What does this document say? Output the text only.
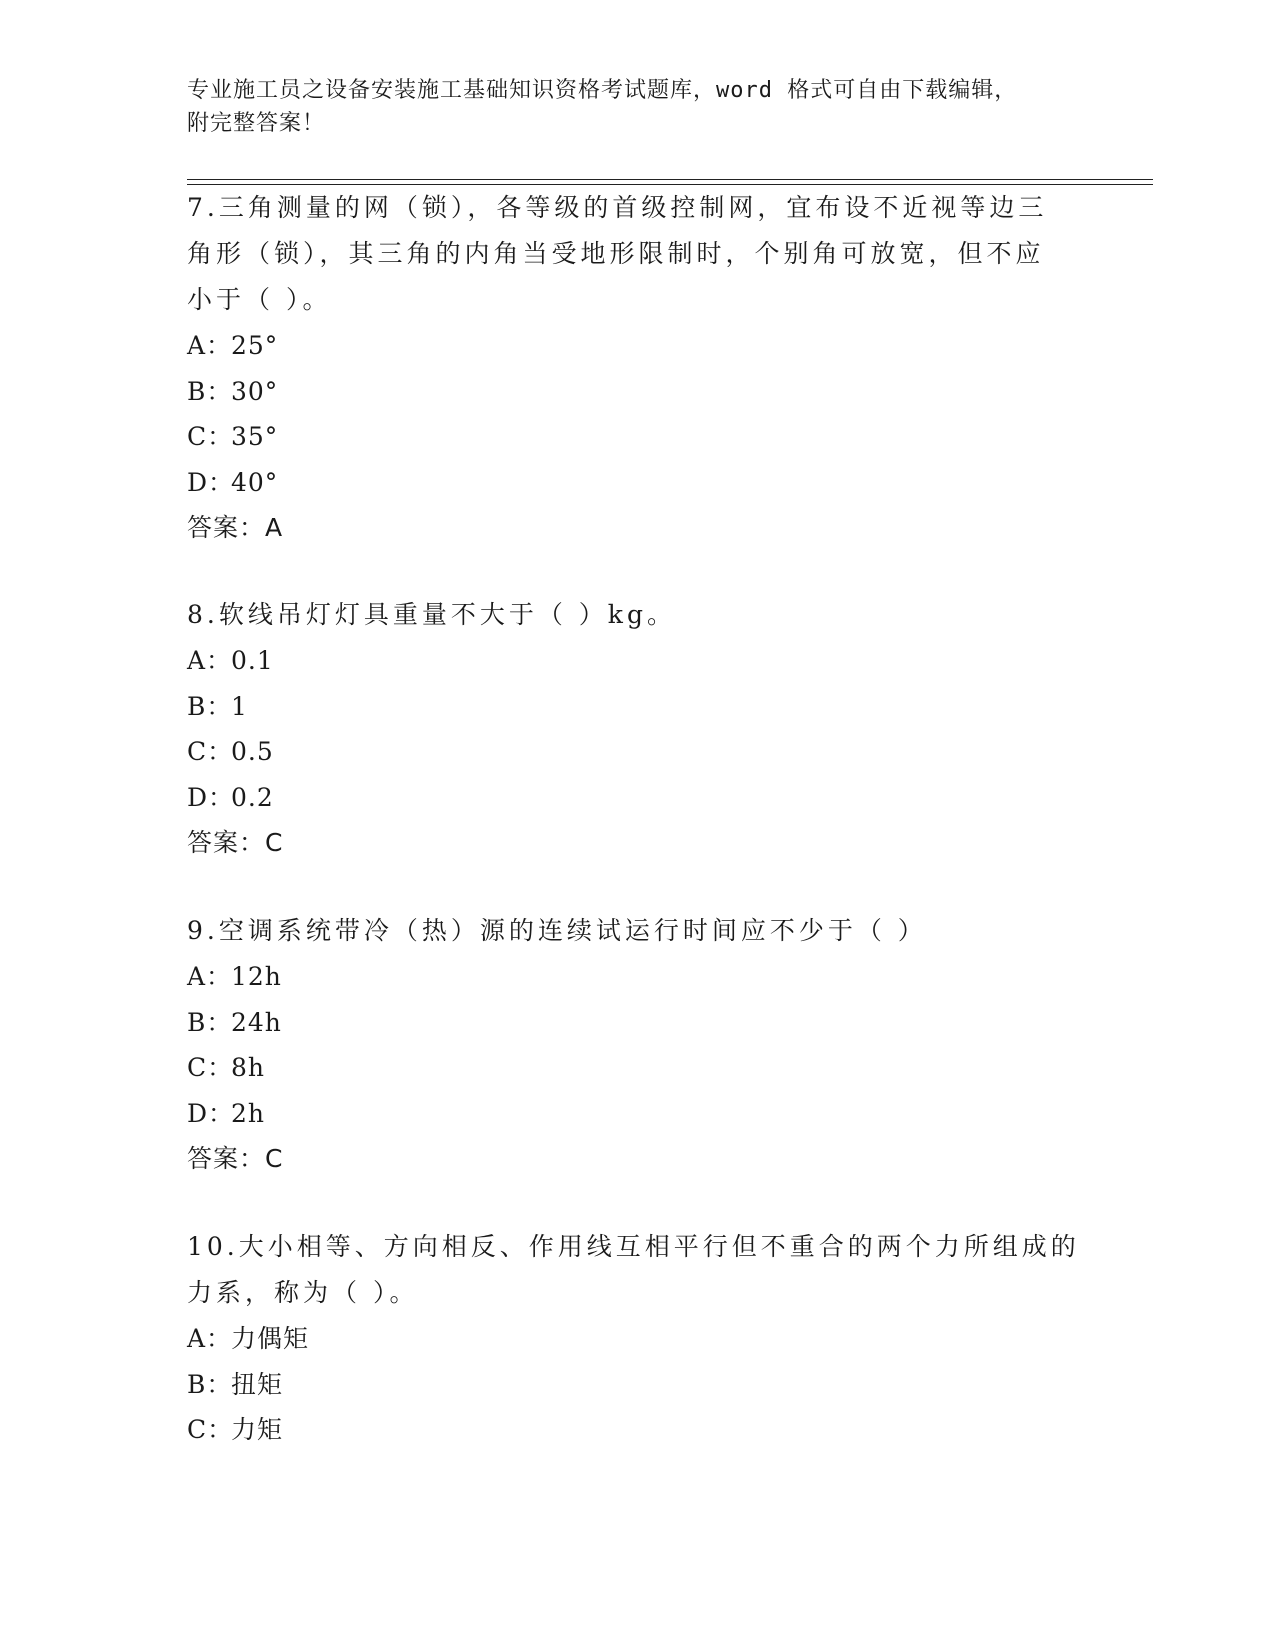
专业施工员之设备安装施工基础知识资格考试题库，word 格式可自由下载编辑，
附完整答案！
7.三角测量的网（锁），各等级的首级控制网，宜布设不近视等边三
角形（锁），其三角的内角当受地形限制时，个别角可放宽，但不应
小于（ ）。
A：25°
B：30°
C：35°
D：40°
答案：A
8.软线吊灯灯具重量不大于（ ）kg。
A：0.1
B：1
C：0.5
D：0.2
答案：C
9.空调系统带冷（热）源的连续试运行时间应不少于（ ）
A：12h
B：24h
C：8h
D：2h
答案：C
10.大小相等、方向相反、作用线互相平行但不重合的两个力所组成的
力系，称为（ ）。
A：力偶矩
B：扭矩
C：力矩
